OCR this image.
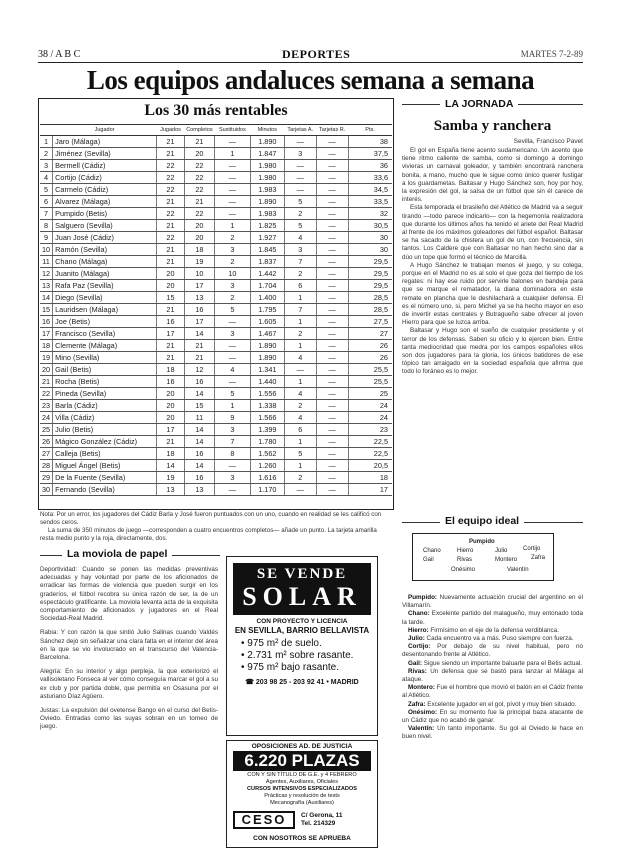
38 / A B C	DEPORTES	MARTES 7-2-89
Los equipos andaluces semana a semana
Los 30 más rentables
	Jugador	Jugados	Completos	Sustituidos	Minutos	Tarjetas A.	Tarjetas R.	Pts.
1	Jaro (Málaga)	21	21	—	1.890	—	—	38
2	Jiménez (Sevilla)	21	20	1	1.847	3	—	37,5
3	Bermell (Cádiz)	22	22	—	1.980	—	—	36
4	Cortijo (Cádiz)	22	22	—	1.980	—	—	33,6
5	Carmelo (Cádiz)	22	22	—	1.983	—	—	34,5
6	Alvarez (Málaga)	21	21	—	1.890	5	—	33,5
7	Pumpido (Betis)	22	22	—	1.983	2	—	32
8	Salguero (Sevilla)	21	20	1	1.825	5	—	30,5
9	Juan José (Cádiz)	22	20	2	1.927	4	—	30
10	Ramón (Sevilla)	21	18	3	1.845	3	—	30
11	Chano (Málaga)	21	19	2	1.837	7	—	29,5
12	Juanito (Málaga)	20	10	10	1.442	2	—	29,5
13	Rafa Paz (Sevilla)	20	17	3	1.704	6	—	29,5
14	Diego (Sevilla)	15	13	2	1.400	1	—	28,5
15	Lauridsen (Málaga)	21	16	5	1.795	7	—	28,5
16	Joe (Betis)	16	17	—	1.605	1	—	27,5
17	Francisco (Sevilla)	17	14	3	1.467	2	—	27
18	Clemente (Málaga)	21	21	—	1.890	1	—	26
19	Mino (Sevilla)	21	21	—	1.890	4	—	26
20	Gail (Betis)	18	12	4	1.341	—	—	25,5
21	Rocha (Betis)	16	16	—	1.440	1	—	25,5
22	Pineda (Sevilla)	20	14	5	1.556	4	—	25
23	Barla (Cádiz)	20	15	1	1.338	2	—	24
24	Villa (Cádiz)	20	11	9	1.566	4	—	24
25	Julio (Betis)	17	14	3	1.399	6	—	23
26	Mágico González (Cádiz)	21	14	7	1.780	1	—	22,5
27	Calleja (Betis)	18	16	8	1.562	5	—	22,5
28	Miguel Ángel (Betis)	14	14	—	1.260	1	—	20,5
29	De la Fuente (Sevilla)	19	16	3	1.616	2	—	18
30	Fernando (Sevilla)	13	13	—	1.170	—	—	17
Nota: Por un error, los jugadores del Cádiz Barla y José fueron puntuados con un uno, cuando en realidad se les calificó con sendos ceros.
La suma de 350 minutos de juego —corresponden a cuatro encuentros completos— añade un punto. La tarjeta amarilla resta medio punto y la roja, directamente, dos.
La moviola de papel

Deportividad: Cuando se ponen las medidas preventivas adecuadas y hay voluntad por parte de los aficionados de erradicar las formas de violencia que pueden surgir en los graderíos, el fútbol recobra su única razón de ser, la de un espectáculo gratificante. La moviola levanta acta de la exquisita comportamiento de aficionados y jugadores en el Real Sociedad-Real Madrid.

Rabia: Y con razón la que sintió Julio Salinas cuando Valdés Sánchez dejó sin señalizar una clara falta en el interior del área en la que se vio involucrado en el transcurso del Valencia-Barcelona.

Alegría: En su interior y algo perpleja, la que exteriorizó el vallisoletano Fonseca al ver cómo conseguía marcar el gol a su ex club y por partida doble, que permitía en Osasuna por el asturiano Díaz Agüero.

Justas: La expulsión del ovetense Bango en el curso del Betis-Oviedo. Entradas como las suyas sobran en un torneo de juego.

SE VENDE
SOLAR
CON PROYECTO Y LICENCIA
EN SEVILLA, BARRIO BELLAVISTA
• 975 m² de suelo.
• 2.731 m² sobre rasante.
• 975 m² bajo rasante.
☎ 203 98 25 - 203 92 41 • MADRID
OPOSICIONES AD. DE JUSTICIA
6.220 PLAZAS
CON Y SIN TÍTULO DE G.E. y 4 FEBRERO
Agentes, Auxiliares, Oficiales
CURSOS INTENSIVOS ESPECIALIZADOS
Prácticas y resolución de tests
Mecanografía (Auxiliares)
CESO	C/ Gerona, 11
Tel. 214329
CON NOSOTROS SE APRUEBA
LA JORNADA
Samba y ranchera
Sevilla, Francisco Pavet

El gol en España tiene acento sudamericano. Un acento que tiene ritmo caliente de samba, como si domingo a domingo vivieras un carnaval goleador, y también encontrará ranchera bonita, a mano, mucho que le sigue como único querer fustigar a los guardametas. Baltasar y Hugo Sánchez son, hoy por hoy, la expresión del gol, la salsa de un fútbol que sin él carece de interés.

Esta temporada el brasileño del Atlético de Madrid va a seguir tirando —todo parece indicarlo— con la hegemonía realizadora que durante los últimos años ha tenido el ariete del Real Madrid al frente de los máximos goleadores del fútbol español. Baltasar se ha sacado de la chistera un gol de un, con frecuencia, sin tantos. Los Caldere que con Baltasar no han hecho sino dar a dúo un tope que formó el técnico de Marcilla.

A Hugo Sánchez le trabajan menos el juego, y su colega, porque en el Madrid no es al solo el que goza del tiempo de los regates: ni hay ese ruido por servirle balones en bandeja para que se marque el rematador, la diana dominadora en este remate en plancha que le deshilachará a cualquier defensa. El es el número uno, si, pero Michel ya se ha hecho mayor en eso de invertir estas centrales y Butragueño sabe ofrecer al joven Hierro para que se luzca arriba.

Baltasar y Hugo son el sueño de cualquier presidente y el terror de los defensas. Saben su oficio y lo ejercen bien. Entre tanta mediocridad que medra por los campos españoles ellos son dos jugadores para la gloria, los únicos batidores de ese tópico tan arraigado en la sociedad española que afirma que todo lo foráneo es lo mejor.

El equipo ideal
Pumpido
Chano	Hierro	Julio	Cortijo
Gail	Rivas	Montero Zafra
Onésimo	Valentín

Pumpido: Nuevamente actuación crucial del argentino en el Villamarín.

Chano: Excelente partido del malagueño, muy entonado toda la tarde.

Hierro: Firmísimo en el eje de la defensa verdiblanca.

Julio: Cada encuentro va a más. Puso siempre con fuerza.

Cortijo: Por debajo de su nivel habitual, pero no desentonando frente al Atlético.

Gail: Sigue siendo un importante baluarte para el Betis actual.

Rivas: Un defensa que se bastó para lanzar al Málaga al ataque.

Montero: Fue el hombre que movió el balón en el Cádiz frente al Atlético.

Zafra: Excelente jugador en el gol, pívot y muy bien situado.

Onésimo: En su momento fue la principal baza atacante de un Cádiz que no acabó de ganar.

Valentín: Un tanto importante. Su gol al Oviedo le hace en buen nivel.
